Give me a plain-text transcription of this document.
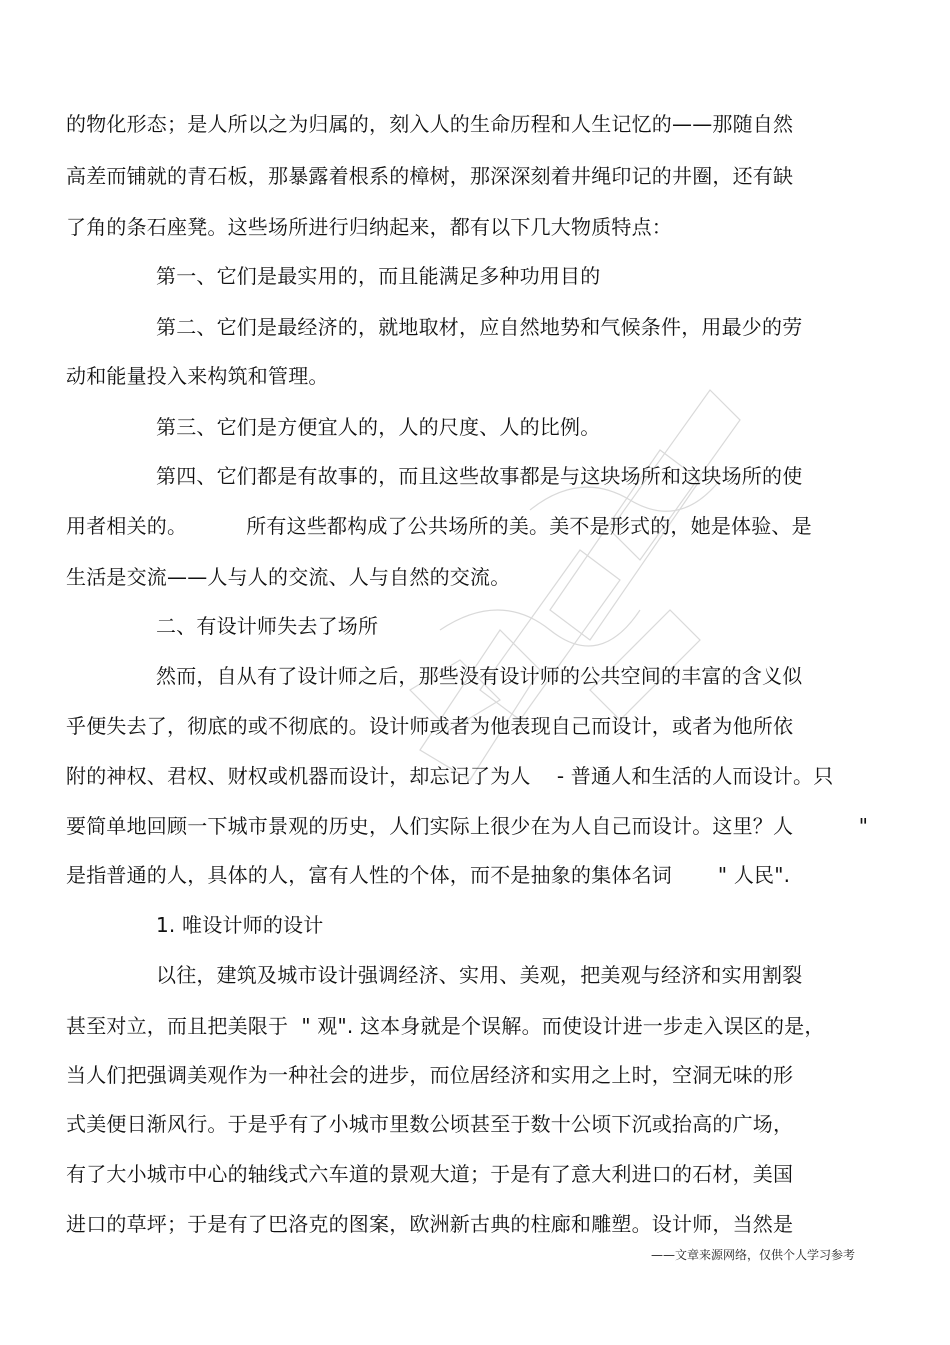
的物化形态；是人所以之为归属的，刻入人的生命历程和人生记忆的——那随自然
高差而铺就的青石板，那暴露着根系的樟树，那深深刻着井绳印记的井圈，还有缺
了角的条石座凳。这些场所进行归纳起来，都有以下几大物质特点：
第一、它们是最实用的，而且能满足多种功用目的
第二、它们是最经济的，就地取材，应自然地势和气候条件，用最少的劳
动和能量投入来构筑和管理。
第三、它们是方便宜人的，人的尺度、人的比例。
第四、它们都是有故事的，而且这些故事都是与这块场所和这块场所的使
用者相关的。         所有这些都构成了公共场所的美。美不是形式的，她是体验、是
生活是交流——人与人的交流、人与自然的交流。
二、有设计师失去了场所
然而，自从有了设计师之后，那些没有设计师的公共空间的丰富的含义似
乎便失去了，彻底的或不彻底的。设计师或者为他表现自己而设计，或者为他所依
附的神权、君权、财权或机器而设计，却忘记了为人    - 普通人和生活的人而设计。只
要简单地回顾一下城市景观的历史，人们实际上很少在为人自己而设计。这里？人          "
是指普通的人，具体的人，富有人性的个体，而不是抽象的集体名词       " 人民".
1. 唯设计师的设计
以往，建筑及城市设计强调经济、实用、美观，把美观与经济和实用割裂
甚至对立，而且把美限于  " 观". 这本身就是个误解。而使设计进一步走入误区的是，
当人们把强调美观作为一种社会的进步，而位居经济和实用之上时，空洞无味的形
式美便日渐风行。于是乎有了小城市里数公顷甚至于数十公顷下沉或抬高的广场，
有了大小城市中心的轴线式六车道的景观大道；于是有了意大利进口的石材，美国
进口的草坪；于是有了巴洛克的图案，欧洲新古典的柱廊和雕塑。设计师，当然是
——文章来源网络，仅供个人学习参考
